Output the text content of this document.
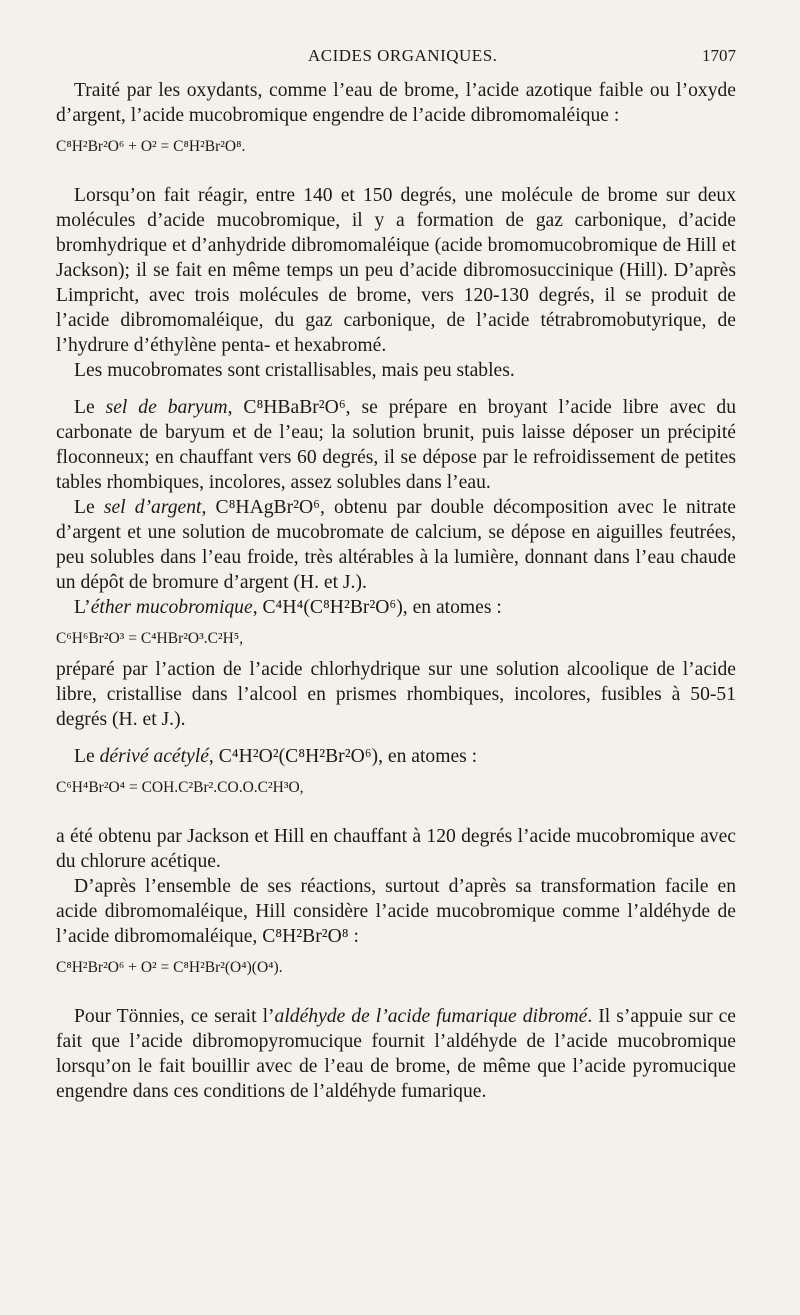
ACIDES ORGANIQUES.	1707

Traité par les oxydants, comme l’eau de brome, l’acide azotique faible ou l’oxyde d’argent, l’acide mucobromique engendre de l’acide dibromomaléique :

C⁸H²Br²O⁶ + O² = C⁸H²Br²O⁸.

Lorsqu’on fait réagir, entre 140 et 150 degrés, une molécule de brome sur deux molécules d’acide mucobromique, il y a formation de gaz carbonique, d’acide bromhydrique et d’anhydride dibromomaléique (acide bromomucobromique de Hill et Jackson); il se fait en même temps un peu d’acide dibromosuccinique (Hill). D’après Limpricht, avec trois molécules de brome, vers 120-130 degrés, il se produit de l’acide dibromomaléique, du gaz carbonique, de l’acide tétrabromobutyrique, de l’hydrure d’éthylène penta- et hexabromé.

Les mucobromates sont cristallisables, mais peu stables.

Le sel de baryum, C⁸HBaBr²O⁶, se prépare en broyant l’acide libre avec du carbonate de baryum et de l’eau; la solution brunit, puis laisse déposer un précipité floconneux; en chauffant vers 60 degrés, il se dépose par le refroidissement de petites tables rhombiques, incolores, assez solubles dans l’eau.

Le sel d’argent, C⁸HAgBr²O⁶, obtenu par double décomposition avec le nitrate d’argent et une solution de mucobromate de calcium, se dépose en aiguilles feutrées, peu solubles dans l’eau froide, très altérables à la lumière, donnant dans l’eau chaude un dépôt de bromure d’argent (H. et J.).

L’éther mucobromique, C⁴H⁴(C⁸H²Br²O⁶), en atomes :

C⁶H⁶Br²O³ = C⁴HBr²O³.C²H⁵,

préparé par l’action de l’acide chlorhydrique sur une solution alcoolique de l’acide libre, cristallise dans l’alcool en prismes rhombiques, incolores, fusibles à 50-51 degrés (H. et J.).

Le dérivé acétylé, C⁴H²O²(C⁸H²Br²O⁶), en atomes :

C⁶H⁴Br²O⁴ = COH.C²Br².CO.O.C²H³O,

a été obtenu par Jackson et Hill en chauffant à 120 degrés l’acide mucobromique avec du chlorure acétique.

D’après l’ensemble de ses réactions, surtout d’après sa transformation facile en acide dibromomaléique, Hill considère l’acide mucobromique comme l’aldéhyde de l’acide dibromomaléique, C⁸H²Br²O⁸ :

C⁸H²Br²O⁶ + O² = C⁸H²Br²(O⁴)(O⁴).

Pour Tönnies, ce serait l’aldéhyde de l’acide fumarique dibromé. Il s’appuie sur ce fait que l’acide dibromopyromucique fournit l’aldéhyde de l’acide mucobromique lorsqu’on le fait bouillir avec de l’eau de brome, de même que l’acide pyromucique engendre dans ces conditions de l’aldéhyde fumarique.
